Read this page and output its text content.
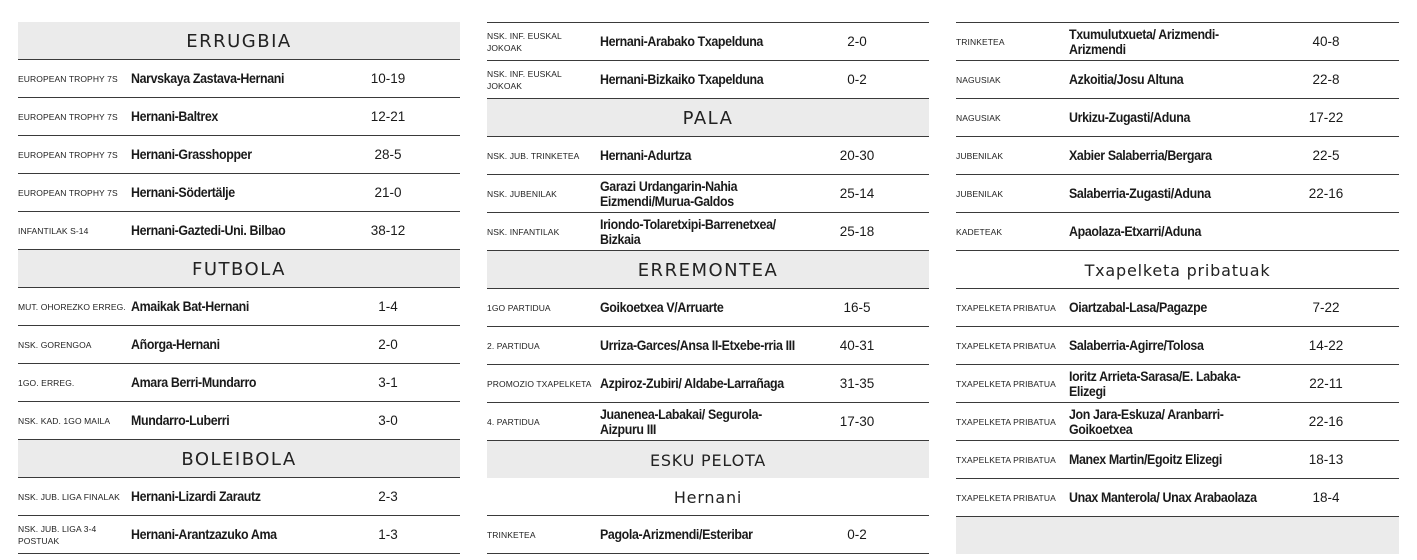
ERRUGBIA
EUROPEAN TROPHY 7S Narvskaya Zastava-Hernani	10-19
EUROPEAN TROPHY 7S Hernani-Baltrex	12-21
EUROPEAN TROPHY 7S Hernani-Grasshopper	28-5
EUROPEAN TROPHY 7S Hernani-Södertälje	21-0
INFANTILAK S-14	Hernani-Gaztedi-Uni. Bilbao	38-12
FUTBOLA
MUT. OHOREZKO ERREG. Amaikak Bat-Hernani	1-4
NSK. GORENGOA	Añorga-Hernani	2-0
1GO. ERREG.	Amara Berri-Mundarro	3-1
NSK. KAD. 1GO MAILA	Mundarro-Luberri	3-0
BOLEIBOLA
NSK. JUB. LIGA FINALAK Hernani-Lizardi Zarautz	2-3
NSK. JUB. LIGA 3-4 POSTUAK	Hernani-Arantzazuko Ama	1-3
NSK. INF. EUSKAL JOKOAK	Hernani-Arabako Txapelduna	2-0
NSK. INF. EUSKAL JOKOAK	Hernani-Bizkaiko Txapelduna	0-2
PALA
NSK. JUB. TRINKETEA	Hernani-Adurtza	20-30
NSK. JUBENILAK	Garazi Urdangarin-Nahia Eizmendi/Murua-Galdos	25-14
NSK. INFANTILAK	Iriondo-Tolaretxipi-Barrenetxea/ Bizkaia	25-18
ERREMONTEA
1GO PARTIDUA	Goikoetxea V/Arruarte	16-5
2. PARTIDUA	Urriza-Garces/Ansa II-Etxebe-rria III	40-31
PROMOZIO TXAPELKETA Azpiroz-Zubiri/ Aldabe-Larrañaga	31-35
4. PARTIDUA	Juanenea-Labakai/ Segurola-Aizpuru III	17-30
ESKU PELOTA
Hernani
TRINKETEA	Pagola-Arizmendi/Esteribar	0-2
TRINKETEA	Txumulutxueta/ Arizmendi-Arizmendi	40-8
NAGUSIAK	Azkoitia/Josu Altuna	22-8
NAGUSIAK	Urkizu-Zugasti/Aduna	17-22
JUBENILAK	Xabier Salaberria/Bergara	22-5
JUBENILAK	Salaberria-Zugasti/Aduna	22-16
KADETEAK	Apaolaza-Etxarri/Aduna
Txapelketa pribatuak
TXAPELKETA PRIBATUA Oiartzabal-Lasa/Pagazpe	7-22
TXAPELKETA PRIBATUA Salaberria-Agirre/Tolosa	14-22
TXAPELKETA PRIBATUA Ioritz Arrieta-Sarasa/E. Labaka-Elizegi	22-11
TXAPELKETA PRIBATUA Jon Jara-Eskuza/ Aranbarri-Goikoetxea	22-16
TXAPELKETA PRIBATUA Manex Martin/Egoitz Elizegi	18-13
TXAPELKETA PRIBATUA Unax Manterola/ Unax Arabaolaza	18-4
